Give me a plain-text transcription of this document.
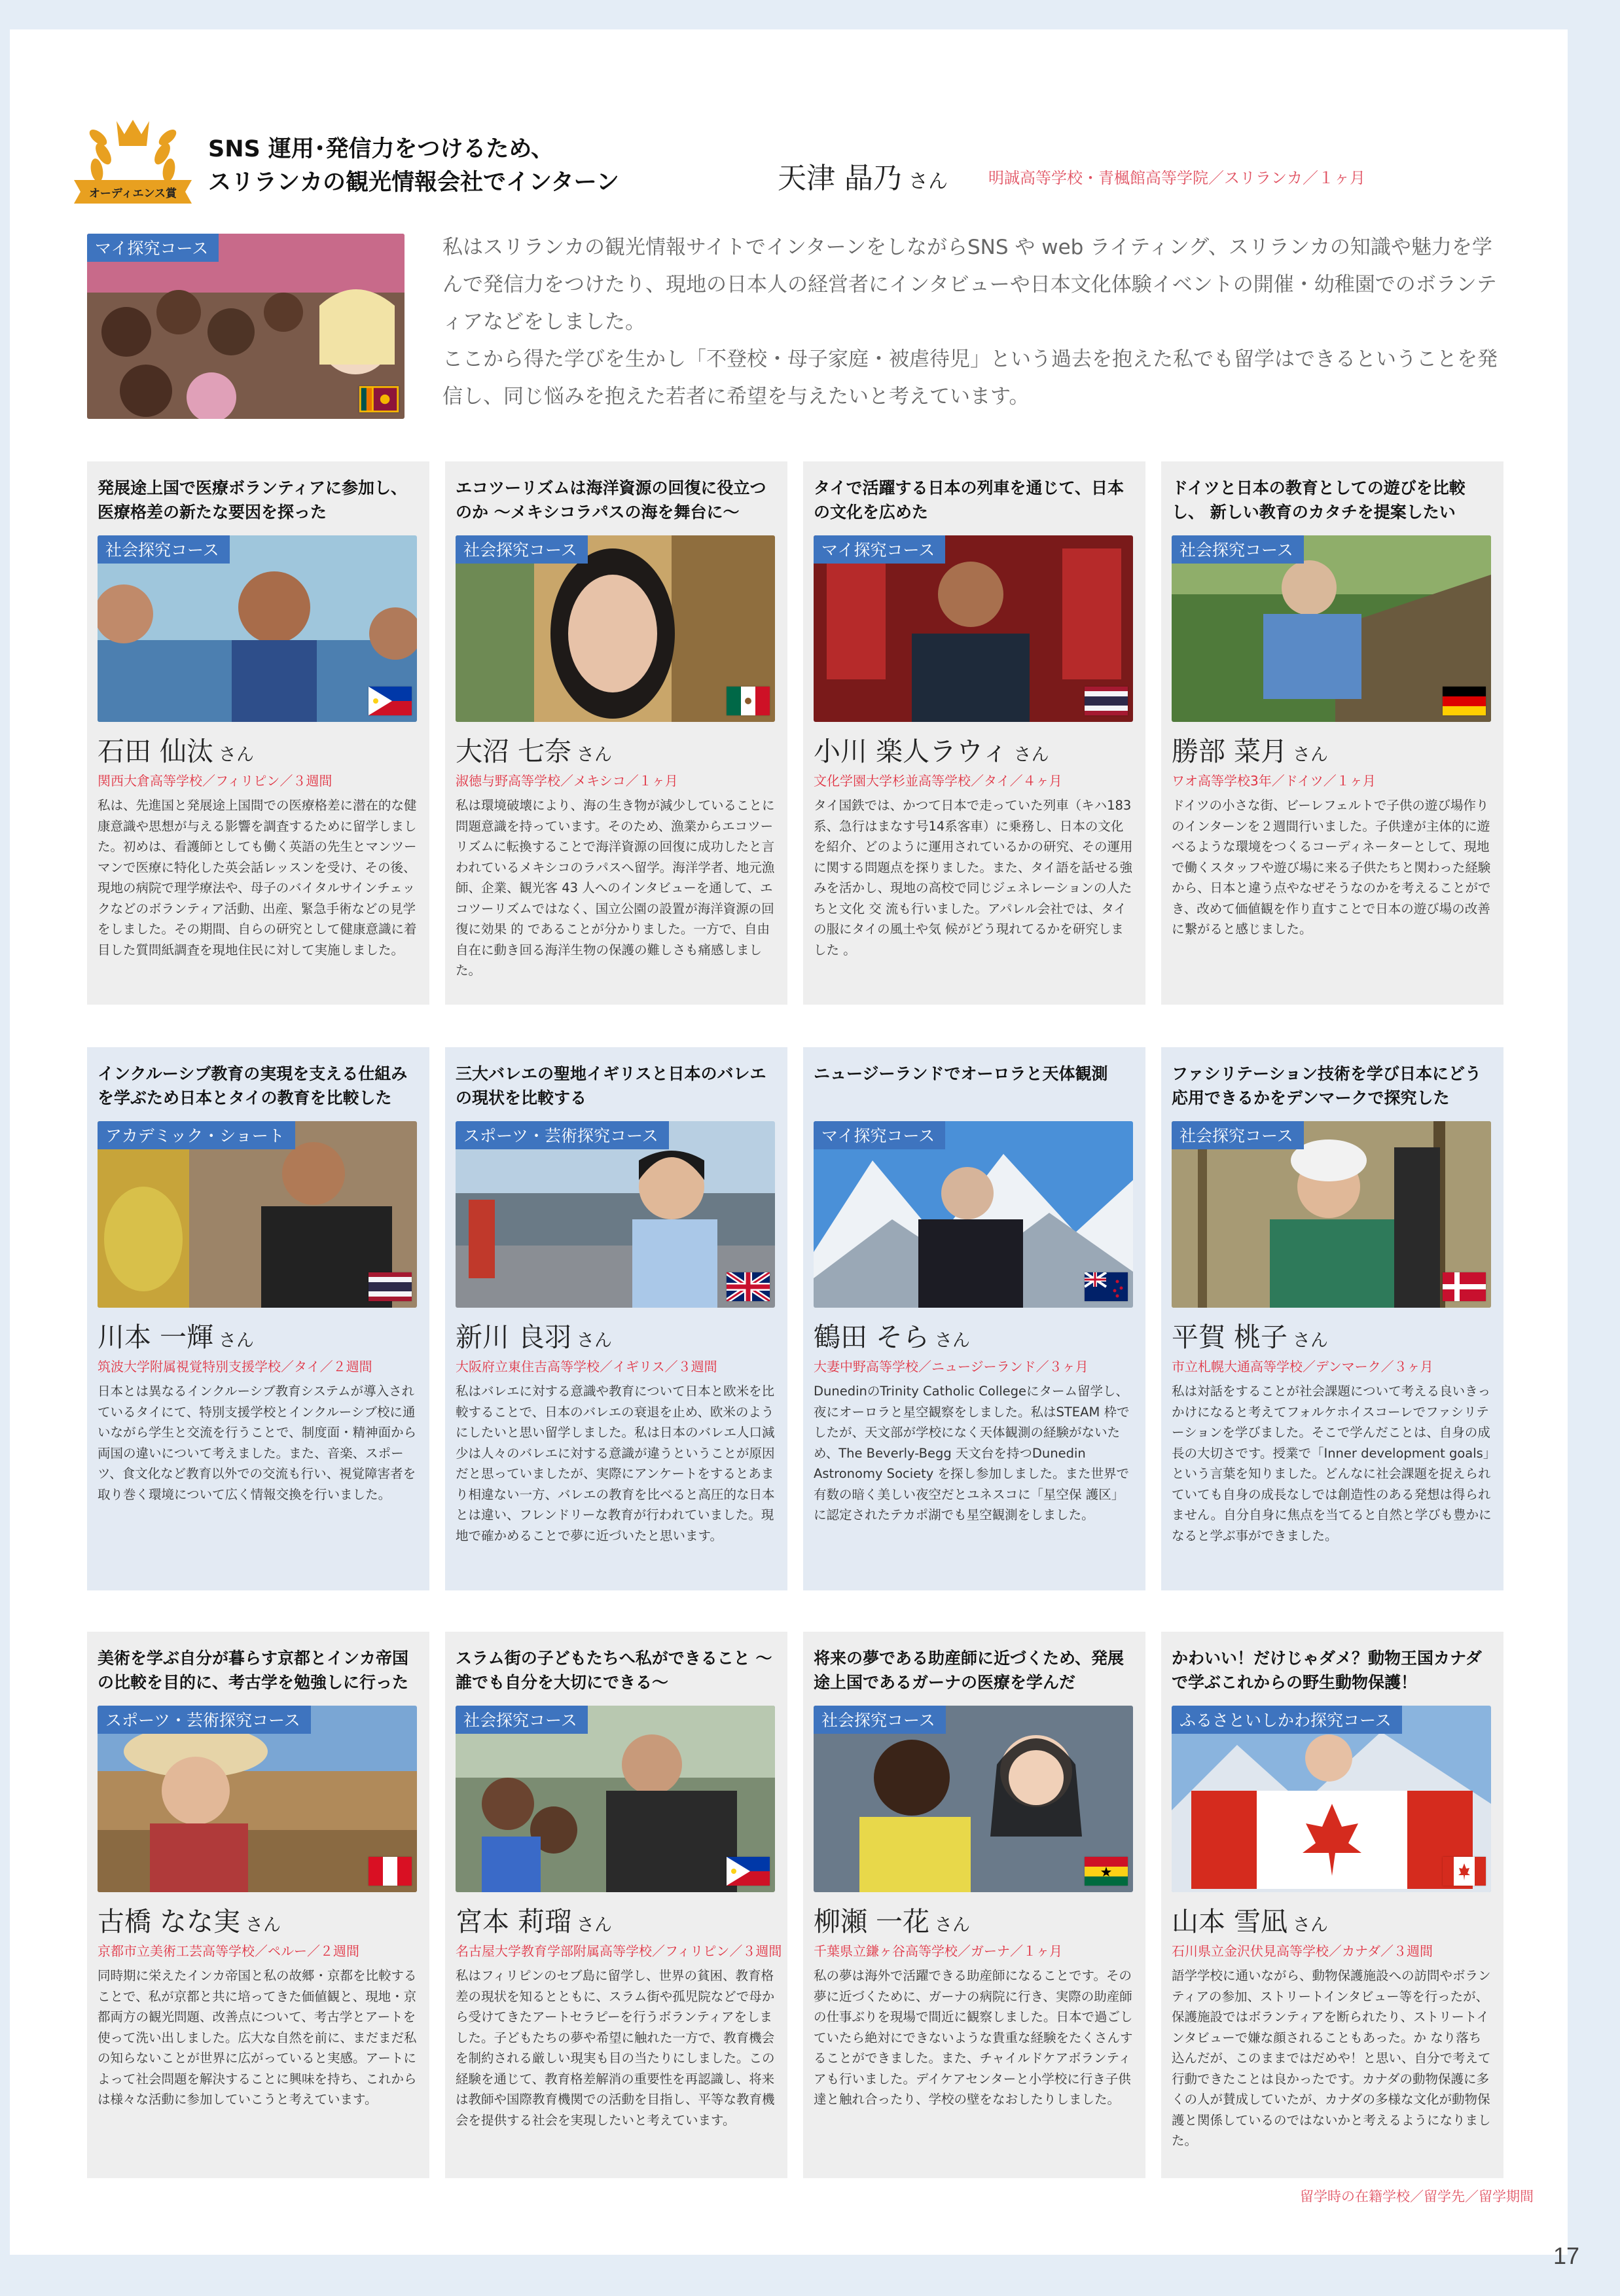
オーディエンス賞
SNS 運用･発信力をつけるため、
スリランカの観光情報会社でインターン	天津 晶乃 さん	明誠高等学校・青楓館高等学院／スリランカ／１ヶ月
マイ探究コース	私はスリランカの観光情報サイトでインターンをしながらSNS や web ライティング、スリランカの知識や魅力を学んで発信力をつけたり、現地の日本人の経営者にインタビューや日本文化体験イベントの開催・幼稚園でのボランティアなどをしました。

ここから得た学びを生かし「不登校・母子家庭・被虐待児」という過去を抱えた私でも留学はできるということを発信し、同じ悩みを抱えた若者に希望を与えたいと考えています。

発展途上国で医療ボランティアに参加し、医療格差の新たな要因を探った
社会探究コース
石田 仙汰 さん
関西大倉高等学校／フィリピン／３週間
私は、先進国と発展途上国間での医療格差に潜在的な健康意識や思想が与える影響を調査するために留学しました。初めは、看護師としても働く英語の先生とマンツーマンで医療に特化した英会話レッスンを受け、その後、現地の病院で理学療法や、母子のバイタルサインチェックなどのボランティア活動、出産、緊急手術などの見学をしました。その期間、自らの研究として健康意識に着目した質問紙調査を現地住民に対して実施しました。
エコツーリズムは海洋資源の回復に役立つのか 〜メキシコラパスの海を舞台に〜
社会探究コース
大沼 七奈 さん
淑徳与野高等学校／メキシコ／１ヶ月
私は環境破壊により、海の生き物が減少していることに問題意識を持っています。そのため、漁業からエコツーリズムに転換することで海洋資源の回復に成功したと言われているメキシコのラパスへ留学。海洋学者、地元漁師、企業、観光客 43 人へのインタビューを通して、エコツーリズムではなく、国立公園の設置が海洋資源の回復に効果 的 であることが分かりました。一方で、自由自在に動き回る海洋生物の保護の難しさも痛感しました。
タイで活躍する日本の列車を通じて、日本の文化を広めた
マイ探究コース
小川 楽人ラウィ さん
文化学園大学杉並高等学校／タイ／４ヶ月
タイ国鉄では、かつて日本で走っていた列車（キハ183系、急行はまなす号14系客車）に乗務し、日本の文化を紹介、どのように運用されているかの研究、その運用に関する問題点を探りました。また、タイ語を話せる強みを活かし、現地の高校で同じジェネレーションの人たちと文化 交 流も行いました。アパレル会社では、タイの服にタイの風土や気 候がどう現れてるかを研究しました 。
ドイツと日本の教育としての遊びを比較し、 新しい教育のカタチを提案したい
社会探究コース
勝部 菜月 さん
ワオ高等学校3年／ドイツ／１ヶ月
ドイツの小さな街、ビーレフェルトで子供の遊び場作りのインターンを２週間行いました。子供達が主体的に遊べるような環境をつくるコーディネーターとして、現地で働くスタッフや遊び場に来る子供たちと関わった経験から、日本と違う点やなぜそうなのかを考えることができ、改めて価値観を作り直すことで日本の遊び場の改善に繋がると感じました。
インクルーシブ教育の実現を支える仕組みを学ぶため日本とタイの教育を比較した
アカデミック・ショート
川本 一輝 さん
筑波大学附属視覚特別支援学校／タイ／２週間
日本とは異なるインクルーシブ教育システムが導入されているタイにて、特別支援学校とインクルーシブ校に通いながら学生と交流を行うことで、制度面・精神面から両国の違いについて考えました。また、音楽、スポーツ、食文化など教育以外での交流も行い、視覚障害者を取り巻く環境について広く情報交換を行いました。
三大バレエの聖地イギリスと日本のバレエの現状を比較する
スポーツ・芸術探究コース
新川 良羽 さん
大阪府立東住吉高等学校／イギリス／３週間
私はバレエに対する意識や教育について日本と欧米を比較することで、日本のバレエの衰退を止め、欧米のようにしたいと思い留学しました。私は日本のバレエ人口減少は人々のバレエに対する意識が違うということが原因だと思っていましたが、実際にアンケートをするとあまり相違ない一方、バレエの教育を比べると高圧的な日本とは違い、フレンドリーな教育が行われていました。現地で確かめることで夢に近づいたと思います。
ニュージーランドでオーロラと天体観測
マイ探究コース
鶴田 そら さん
大妻中野高等学校／ニュージーランド／３ヶ月
DunedinのTrinity Catholic Collegeにターム留学し、夜にオーロラと星空観察をしました。私はSTEAM 枠でしたが、天文部が学校になく天体観測の経験がないため、The Beverly-Begg 天文台を持つDunedin Astronomy Society を探し参加しました。また世界で有数の暗く美しい夜空だとユネスコに「星空保 護区」に認定されたテカポ湖でも星空観測をしました。
ファシリテーション技術を学び日本にどう応用できるかをデンマークで探究した
社会探究コース
平賀 桃子 さん
市立札幌大通高等学校／デンマーク／３ヶ月
私は対話をすることが社会課題について考える良いきっかけになると考えてフォルケホイスコーレでファシリテーションを学びました。そこで学んだことは、自身の成長の大切さです。授業で「Inner development goals」という言葉を知りました。どんなに社会課題を捉えられていても自身の成長なしでは創造性のある発想は得られません。自分自身に焦点を当てると自然と学びも豊かになると学ぶ事ができました。
美術を学ぶ自分が暮らす京都とインカ帝国の比較を目的に、考古学を勉強しに行った
スポーツ・芸術探究コース
古橋 なな実 さん
京都市立美術工芸高等学校／ペルー／２週間
同時期に栄えたインカ帝国と私の故郷・京都を比較することで、私が京都と共に培ってきた価値観と、現地・京都両方の観光問題、改善点について、考古学とアートを使って洗い出しました。広大な自然を前に、まだまだ私の知らないことが世界に広がっていると実感。アートによって社会問題を解決することに興味を持ち、これからは様々な活動に参加していこうと考えています。
スラム街の子どもたちへ私ができること 〜誰でも自分を大切にできる〜
社会探究コース
宮本 莉瑠 さん
名古屋大学教育学部附属高等学校／フィリピン／３週間
私はフィリピンのセブ島に留学し、世界の貧困、教育格差の現状を知るとともに、スラム街や孤児院などで母から受けてきたアートセラピーを行うボランティアをしました。子どもたちの夢や希望に触れた一方で、教育機会を制約される厳しい現実も目の当たりにしました。この経験を通じて、教育格差解消の重要性を再認識し、将来は教師や国際教育機関での活動を目指し、平等な教育機会を提供する社会を実現したいと考えています。
将来の夢である助産師に近づくため、発展途上国であるガーナの医療を学んだ
社会探究コース
柳瀬 一花 さん
千葉県立鎌ヶ谷高等学校／ガーナ／１ヶ月
私の夢は海外で活躍できる助産師になることです。その夢に近づくために、ガーナの病院に行き、実際の助産師の仕事ぶりを現場で間近に観察しました。日本で過ごしていたら絶対にできないような貴重な経験をたくさんすることができました。また、チャイルドケアボランティアも行いました。デイケアセンターと小学校に行き子供達と触れ合ったり、学校の壁をなおしたりしました。
かわいい！だけじゃダメ？動物王国カナダで学ぶこれからの野生動物保護！
ふるさといしかわ探究コース
山本 雪凪 さん
石川県立金沢伏見高等学校／カナダ／３週間
語学学校に通いながら、動物保護施設への訪問やボランティアの参加、ストリートインタビュー等を行ったが、保護施設ではボランティアを断られたり、ストリートインタビューで嫌な顔されることもあった。か なり落ち込んだが、このままではだめや！と思い、自分で考えて行動できたことは良かったです。カナダの動物保護に多くの人が賛成していたが、カナダの多様な文化が動物保護と関係しているのではないかと考えるようになりました。
留学時の在籍学校／留学先／留学期間
17
